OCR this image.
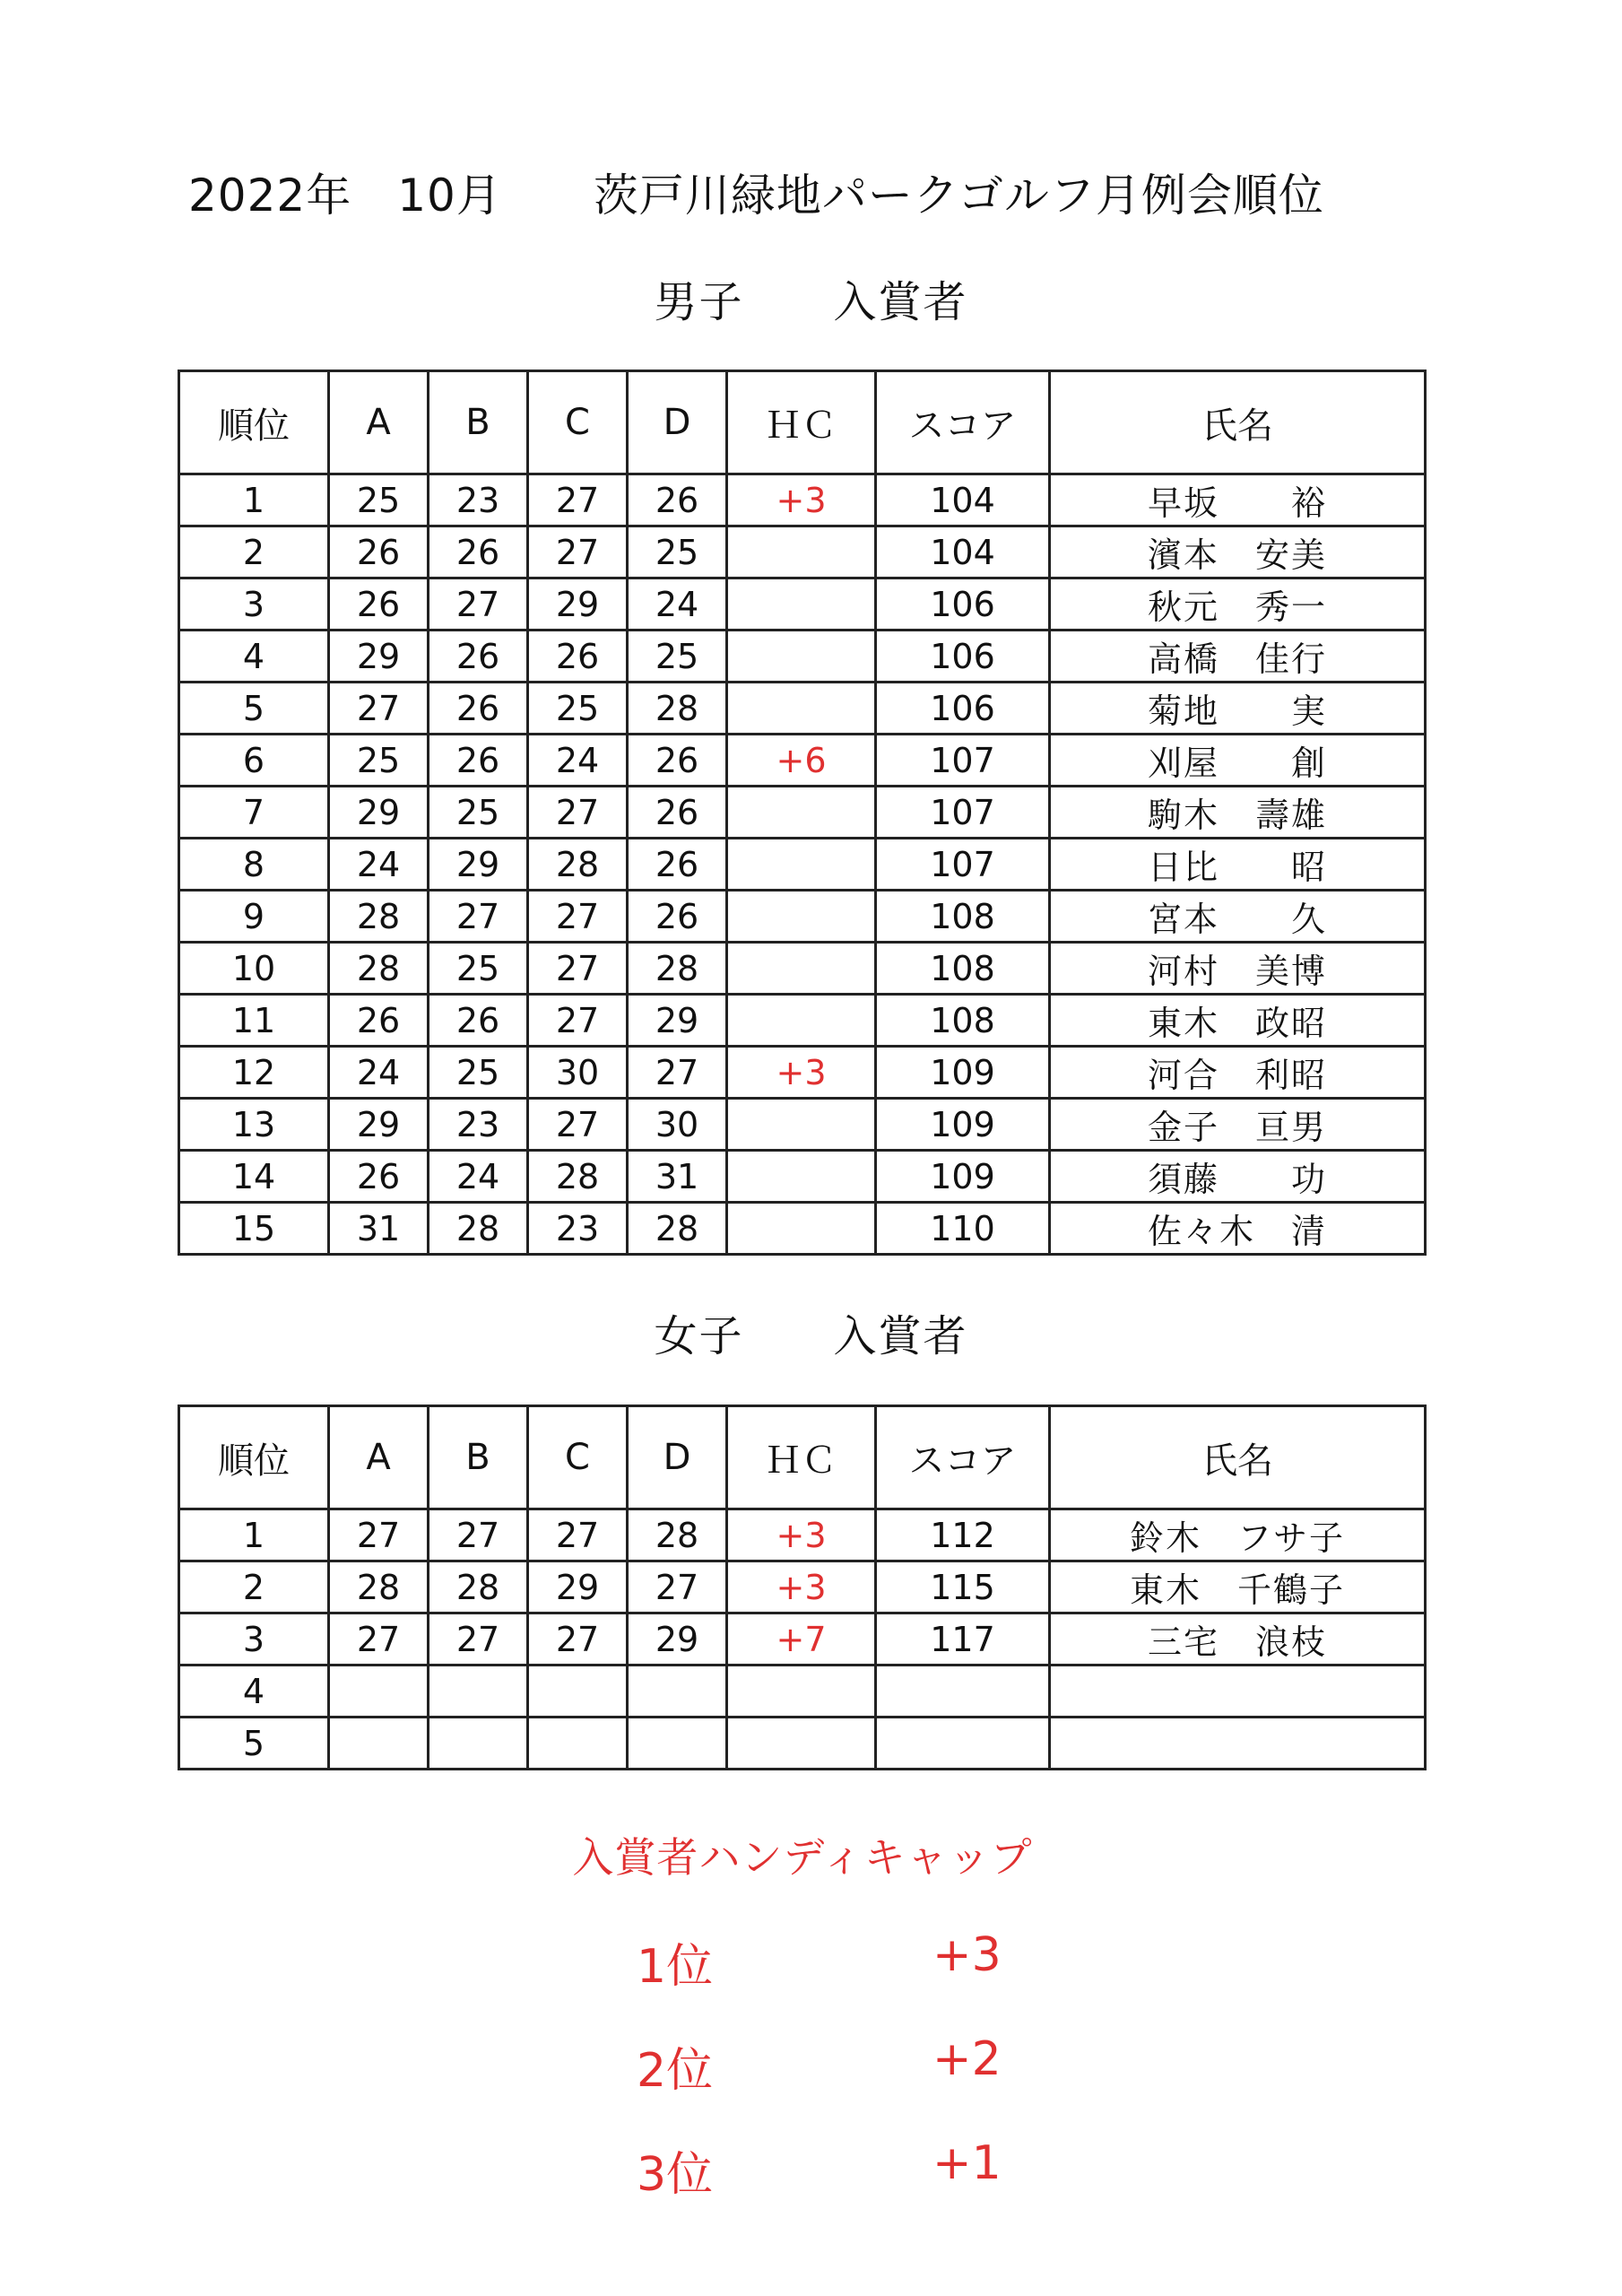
2022年　10月　　茨戸川緑地パークゴルフ月例会順位
男子　　入賞者
順位	A	B	C	D	ＨＣ	スコア	氏名
1	25	23	27	26	+3	104	早坂　　裕
2	26	26	27	25		104	濱本　安美
3	26	27	29	24		106	秋元　秀一
4	29	26	26	25		106	高橋　佳行
5	27	26	25	28		106	菊地　　実
6	25	26	24	26	+6	107	刈屋　　創
7	29	25	27	26		107	駒木　壽雄
8	24	29	28	26		107	日比　　昭
9	28	27	27	26		108	宮本　　久
10	28	25	27	28		108	河村　美博
11	26	26	27	29		108	東木　政昭
12	24	25	30	27	+3	109	河合　利昭
13	29	23	27	30		109	金子　亘男
14	26	24	28	31		109	須藤　　功
15	31	28	23	28		110	佐々木　清
女子　　入賞者
順位	A	B	C	D	ＨＣ	スコア	氏名
1	27	27	27	28	+3	112	鈴木　フサ子
2	28	28	29	27	+3	115	東木　千鶴子
3	27	27	27	29	+7	117	三宅　浪枝
4							
5							
入賞者ハンディキャップ
1位	+3
2位	+2
3位	+1
